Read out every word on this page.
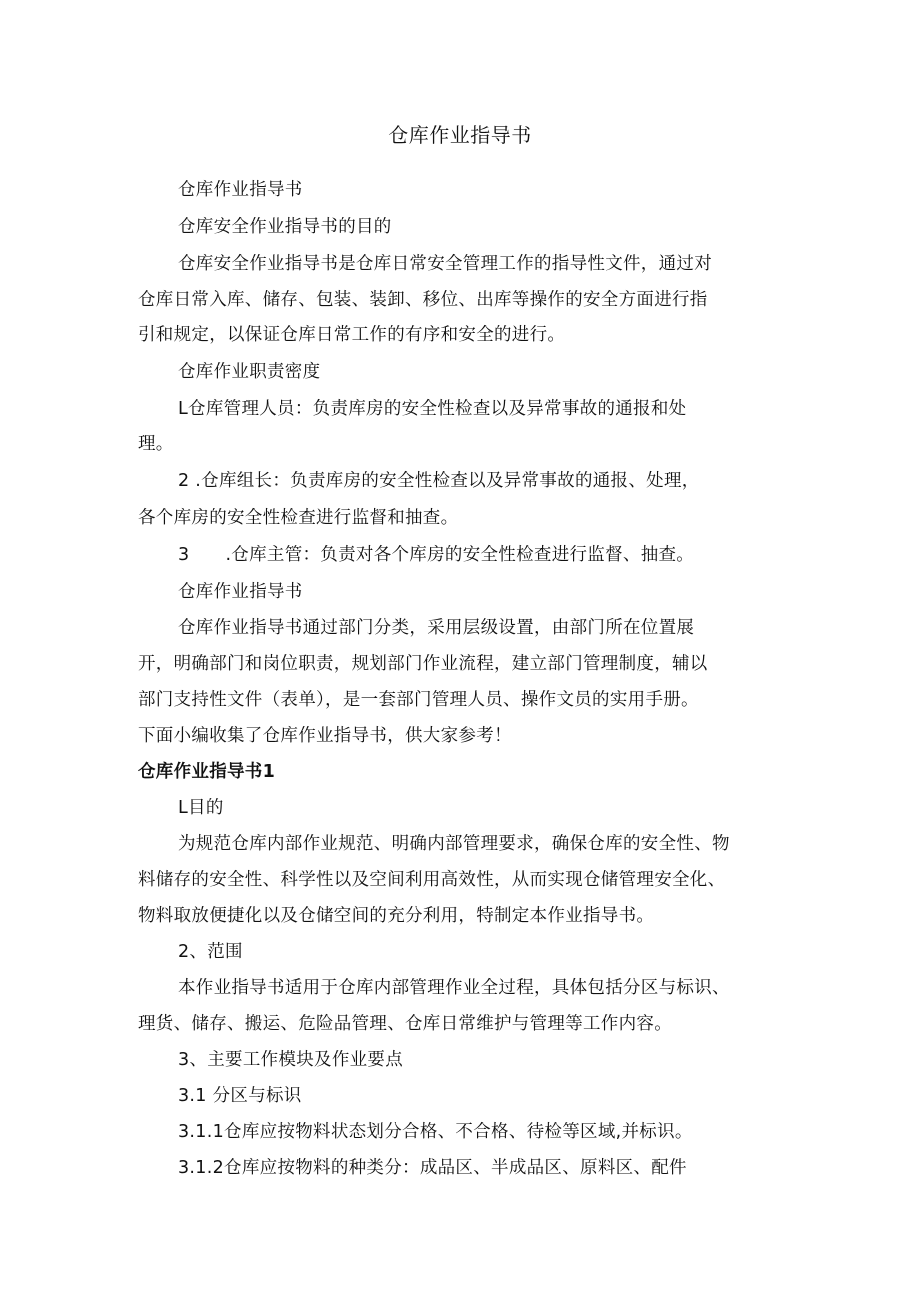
仓库作业指导书
仓库作业指导书
仓库安全作业指导书的目的
仓库安全作业指导书是仓库日常安全管理工作的指导性文件，通过对
仓库日常入库、储存、包装、装卸、移位、出库等操作的安全方面进行指
引和规定，以保证仓库日常工作的有序和安全的进行。
仓库作业职责密度
L仓库管理人员：负责库房的安全性检查以及异常事故的通报和处
理。
2 .仓库组长：负责库房的安全性检查以及异常事故的通报、处理，
各个库房的安全性检查进行监督和抽查。
3 .仓库主管：负责对各个库房的安全性检查进行监督、抽查。
仓库作业指导书
仓库作业指导书通过部门分类，采用层级设置，由部门所在位置展
开，明确部门和岗位职责，规划部门作业流程，建立部门管理制度，辅以
部门支持性文件（表单），是一套部门管理人员、操作文员的实用手册。
下面小编收集了仓库作业指导书，供大家参考！
仓库作业指导书1
L目的
为规范仓库内部作业规范、明确内部管理要求，确保仓库的安全性、物
料储存的安全性、科学性以及空间利用高效性，从而实现仓储管理安全化、
物料取放便捷化以及仓储空间的充分利用，特制定本作业指导书。
2、范围
本作业指导书适用于仓库内部管理作业全过程，具体包括分区与标识、
理货、储存、搬运、危险品管理、仓库日常维护与管理等工作内容。
3、主要工作模块及作业要点
3.1 分区与标识
3.1.1仓库应按物料状态划分合格、不合格、待检等区域,并标识。
3.1.2仓库应按物料的种类分：成品区、半成品区、原料区、配件
